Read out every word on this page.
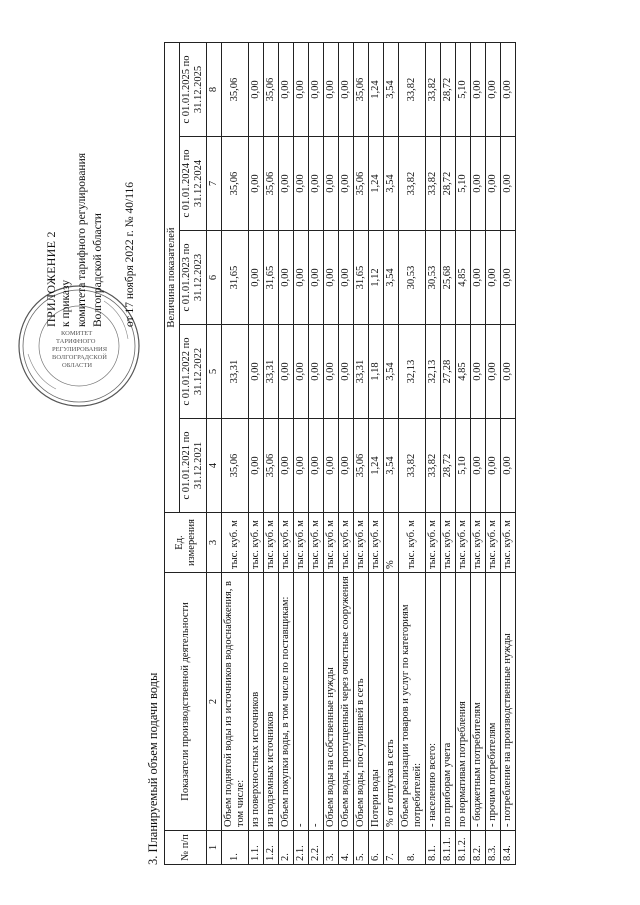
КОМИТЕТ
ТАРИФНОГО
РЕГУЛИРОВАНИЯ
ВОЛГОГРАДСКОЙ
ОБЛАСТИ
ПРИЛОЖЕНИЕ 2 к приказу комитета тарифного регулирования Волгоградской области от 17 ноября 2022 г. № 40/116
3. Планируемый объем подачи воды № п/п	Показатели производственной деятельности	Ед. измерения	Величина показателей				
			с 01.01.2021 по 31.12.2021	с 01.01.2022 по 31.12.2022	с 01.01.2023 по 31.12.2023	с 01.01.2024 по 31.12.2024	с 01.01.2025 по 31.12.2025
1	2	3	4	5	6	7	8
1.	Объем поднятой воды из источников водоснабжения, в том числе:	тыс. куб. м	35,06	33,31	31,65	35,06	35,06
1.1.	из поверхностных источников	тыс. куб. м	0,00	0,00	0,00	0,00	0,00
1.2.	из подземных источников	тыс. куб. м	35,06	33,31	31,65	35,06	35,06
2.	Объем покупки воды, в том числе по поставщикам:	тыс. куб. м	0,00	0,00	0,00	0,00	0,00
2.1.	-	тыс. куб. м	0,00	0,00	0,00	0,00	0,00
2.2.	-	тыс. куб. м	0,00	0,00	0,00	0,00	0,00
3.	Объем воды на собственные нужды	тыс. куб. м	0,00	0,00	0,00	0,00	0,00
4.	Объем воды, пропущенный через очистные сооружения	тыс. куб. м	0,00	0,00	0,00	0,00	0,00
5.	Объем воды, поступившей в сеть	тыс. куб. м	35,06	33,31	31,65	35,06	35,06
6.	Потери воды	тыс. куб. м	1,24	1,18	1,12	1,24	1,24
7.	% от отпуска в сеть	%	3,54	3,54	3,54	3,54	3,54
8.	Объем реализации товаров и услуг по категориям потребителей:	тыс. куб. м	33,82	32,13	30,53	33,82	33,82
8.1.	- населению всего:	тыс. куб. м	33,82	32,13	30,53	33,82	33,82
8.1.1.	по приборам учета	тыс. куб. м	28,72	27,28	25,68	28,72	28,72
8.1.2.	по нормативам потребления	тыс. куб. м	5,10	4,85	4,85	5,10	5,10
8.2.	- бюджетным потребителям	тыс. куб. м	0,00	0,00	0,00	0,00	0,00
8.3.	- прочим потребителям	тыс. куб. м	0,00	0,00	0,00	0,00	0,00
8.4.	- потребление на производственные нужды	тыс. куб. м	0,00	0,00	0,00	0,00	0,00
